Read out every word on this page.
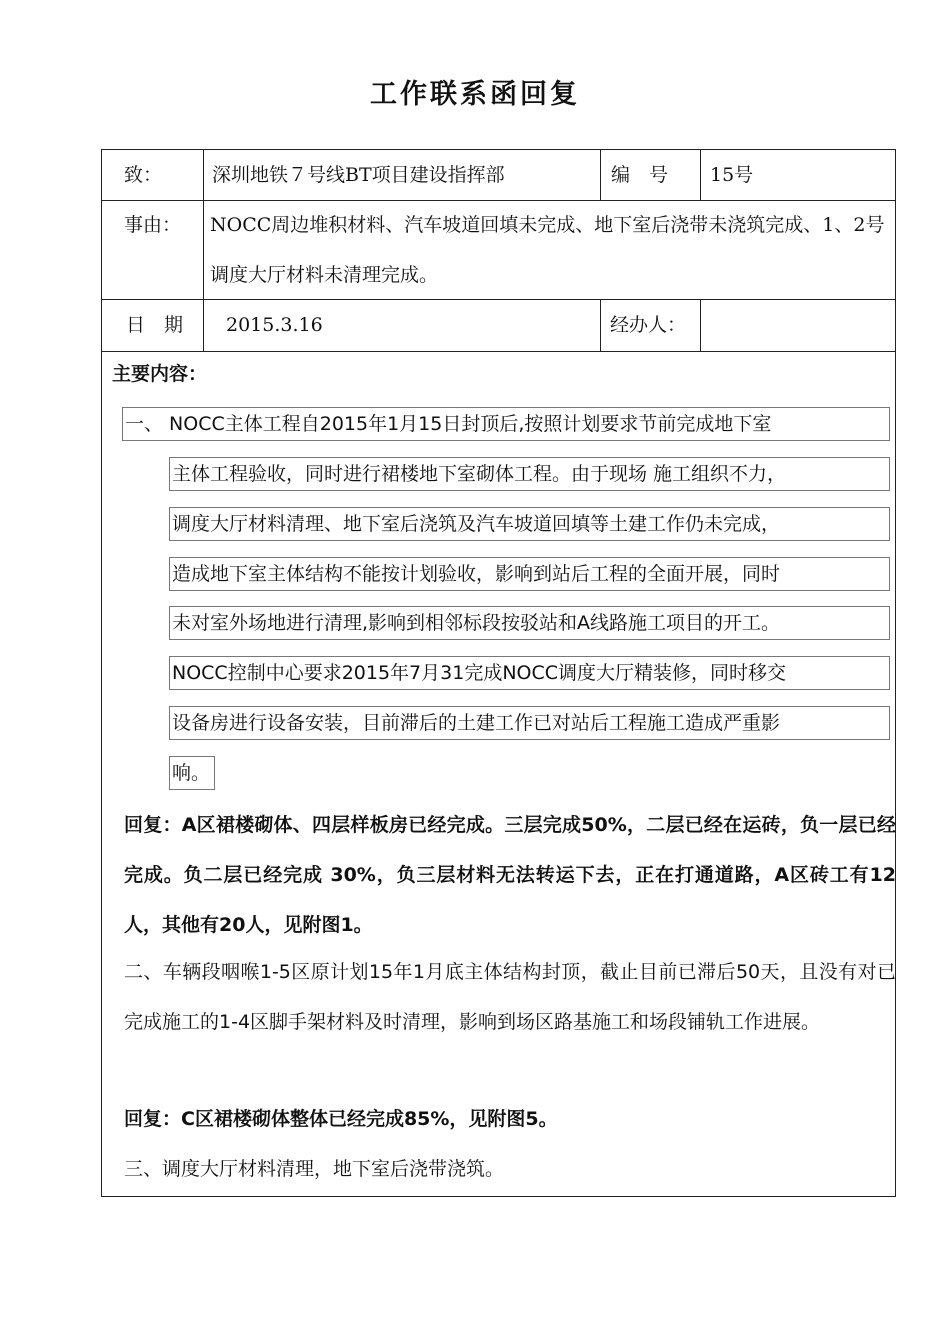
工作联系函回复
致：	深圳地铁７号线BT项目建设指挥部	编　号 15号
事由： NOCC周边堆积材料、汽车坡道回填未完成、地下室后浇带未浇筑完成、1、2号调度大厅材料未清理完成。
日　期 2015.3.16	经办人：
主要内容：
一、 NOCC主体工程自2015年1月15日封顶后,按照计划要求节前完成地下室
主体工程验收，同时进行裙楼地下室砌体工程。由于现场 施工组织不力，
调度大厅材料清理、地下室后浇筑及汽车坡道回填等土建工作仍未完成，
造成地下室主体结构不能按计划验收，影响到站后工程的全面开展，同时
未对室外场地进行清理,影响到相邻标段按驳站和A线路施工项目的开工。
NOCC控制中心要求2015年7月31完成NOCC调度大厅精装修，同时移交
设备房进行设备安装，目前滞后的土建工作已对站后工程施工造成严重影
响。
回复：A区裙楼砌体、四层样板房已经完成。三层完成50%，二层已经在运砖，负一层已经完成。负二层已经完成 30%，负三层材料无法转运下去，正在打通道路，A区砖工有12人，其他有20人，见附图1。
二、车辆段咽喉1-5区原计划15年1月底主体结构封顶，截止目前已滞后50天，且没有对已完成施工的1-4区脚手架材料及时清理，影响到场区路基施工和场段铺轨工作进展。
回复：C区裙楼砌体整体已经完成85%，见附图5。
三、调度大厅材料清理，地下室后浇带浇筑。
